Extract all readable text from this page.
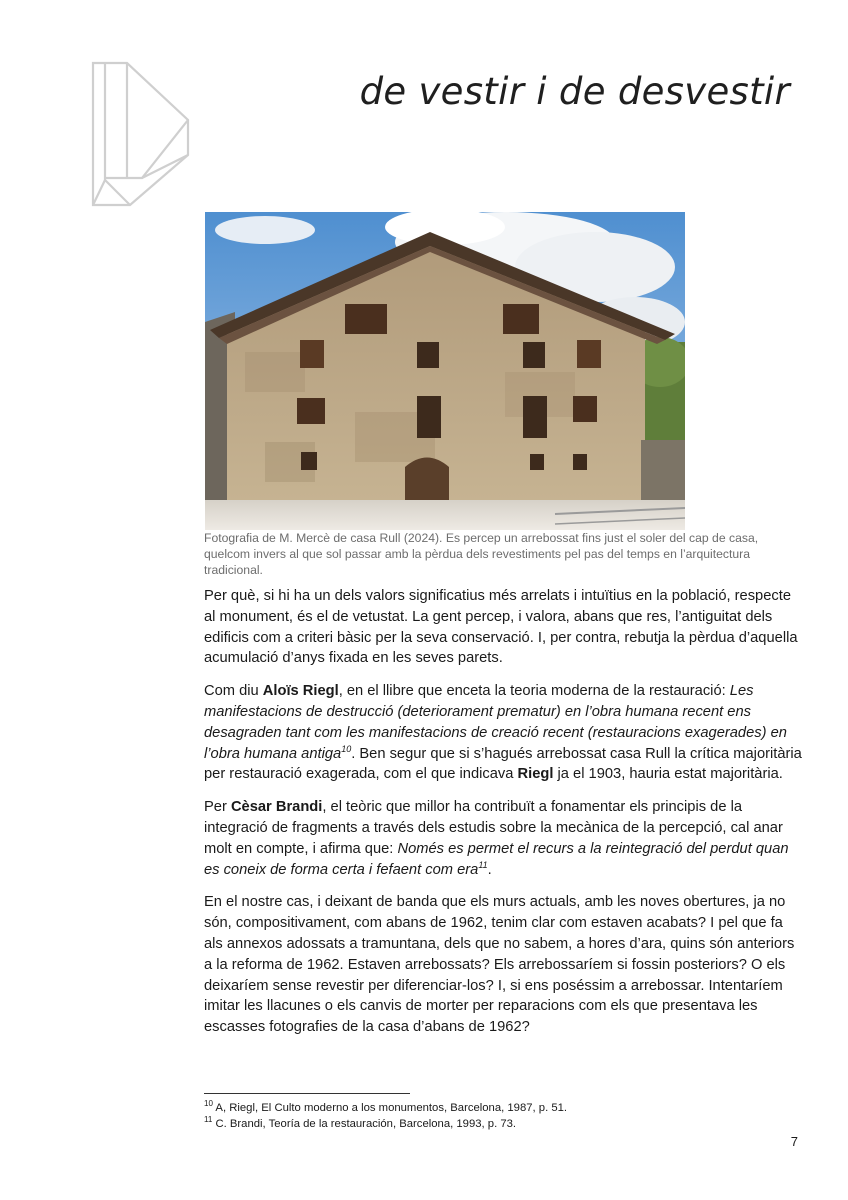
de vestir i de desvestir

Fotografia de M. Mercè de casa Rull (2024). Es percep un arrebossat fins just el soler del cap de casa, quelcom invers al que sol passar amb la pèrdua dels revestiments pel pas del temps en l’arquitectura tradicional.

Per què, si hi ha un dels valors significatius més arrelats i intuïtius en la població, respecte al monument, és el de vetustat. La gent percep, i valora, abans que res, l’antiguitat dels edificis com a criteri bàsic per la seva conservació. I, per contra, rebutja la pèrdua d’aquella acumulació d’anys fixada en les seves parets.

Com diu Aloïs Riegl, en el llibre que enceta la teoria moderna de la restauració: Les manifestacions de destrucció (deteriorament prematur) en l’obra humana recent ens desagraden tant com les manifestacions de creació recent (restauracions exagerades) en l’obra humana antiga$^{10}$. Ben segur que si s’hagués arrebossat casa Rull la crítica majoritària per restauració exagerada, com el que indicava Riegl ja el 1903, hauria estat majoritària.

Per Cèsar Brandi, el teòric que millor ha contribuït a fonamentar els principis de la integració de fragments a través dels estudis sobre la mecànica de la percepció, cal anar molt en compte, i afirma que: Només es permet el recurs a la reintegració del perdut quan es coneix de forma certa i fefaent com era$^{11}$.

En el nostre cas, i deixant de banda que els murs actuals, amb les noves obertures, ja no són, compositivament, com abans de 1962, tenim clar com estaven acabats? I pel que fa als annexos adossats a tramuntana, dels que no sabem, a hores d’ara, quins són anteriors a la reforma de 1962. Estaven arrebossats? Els arrebossaríem si fossin posteriors? O els deixaríem sense revestir per diferenciar-los? I, si ens poséssim a arrebossar. Intentaríem imitar les llacunes o els canvis de morter per reparacions com els que presentava les escasses fotografies de la casa d’abans de 1962?

$^{10}$ A, Riegl, El Culto moderno a los monumentos, Barcelona, 1987, p. 51.
$^{11}$ C. Brandi, Teoría de la restauración, Barcelona, 1993, p. 73.
7
